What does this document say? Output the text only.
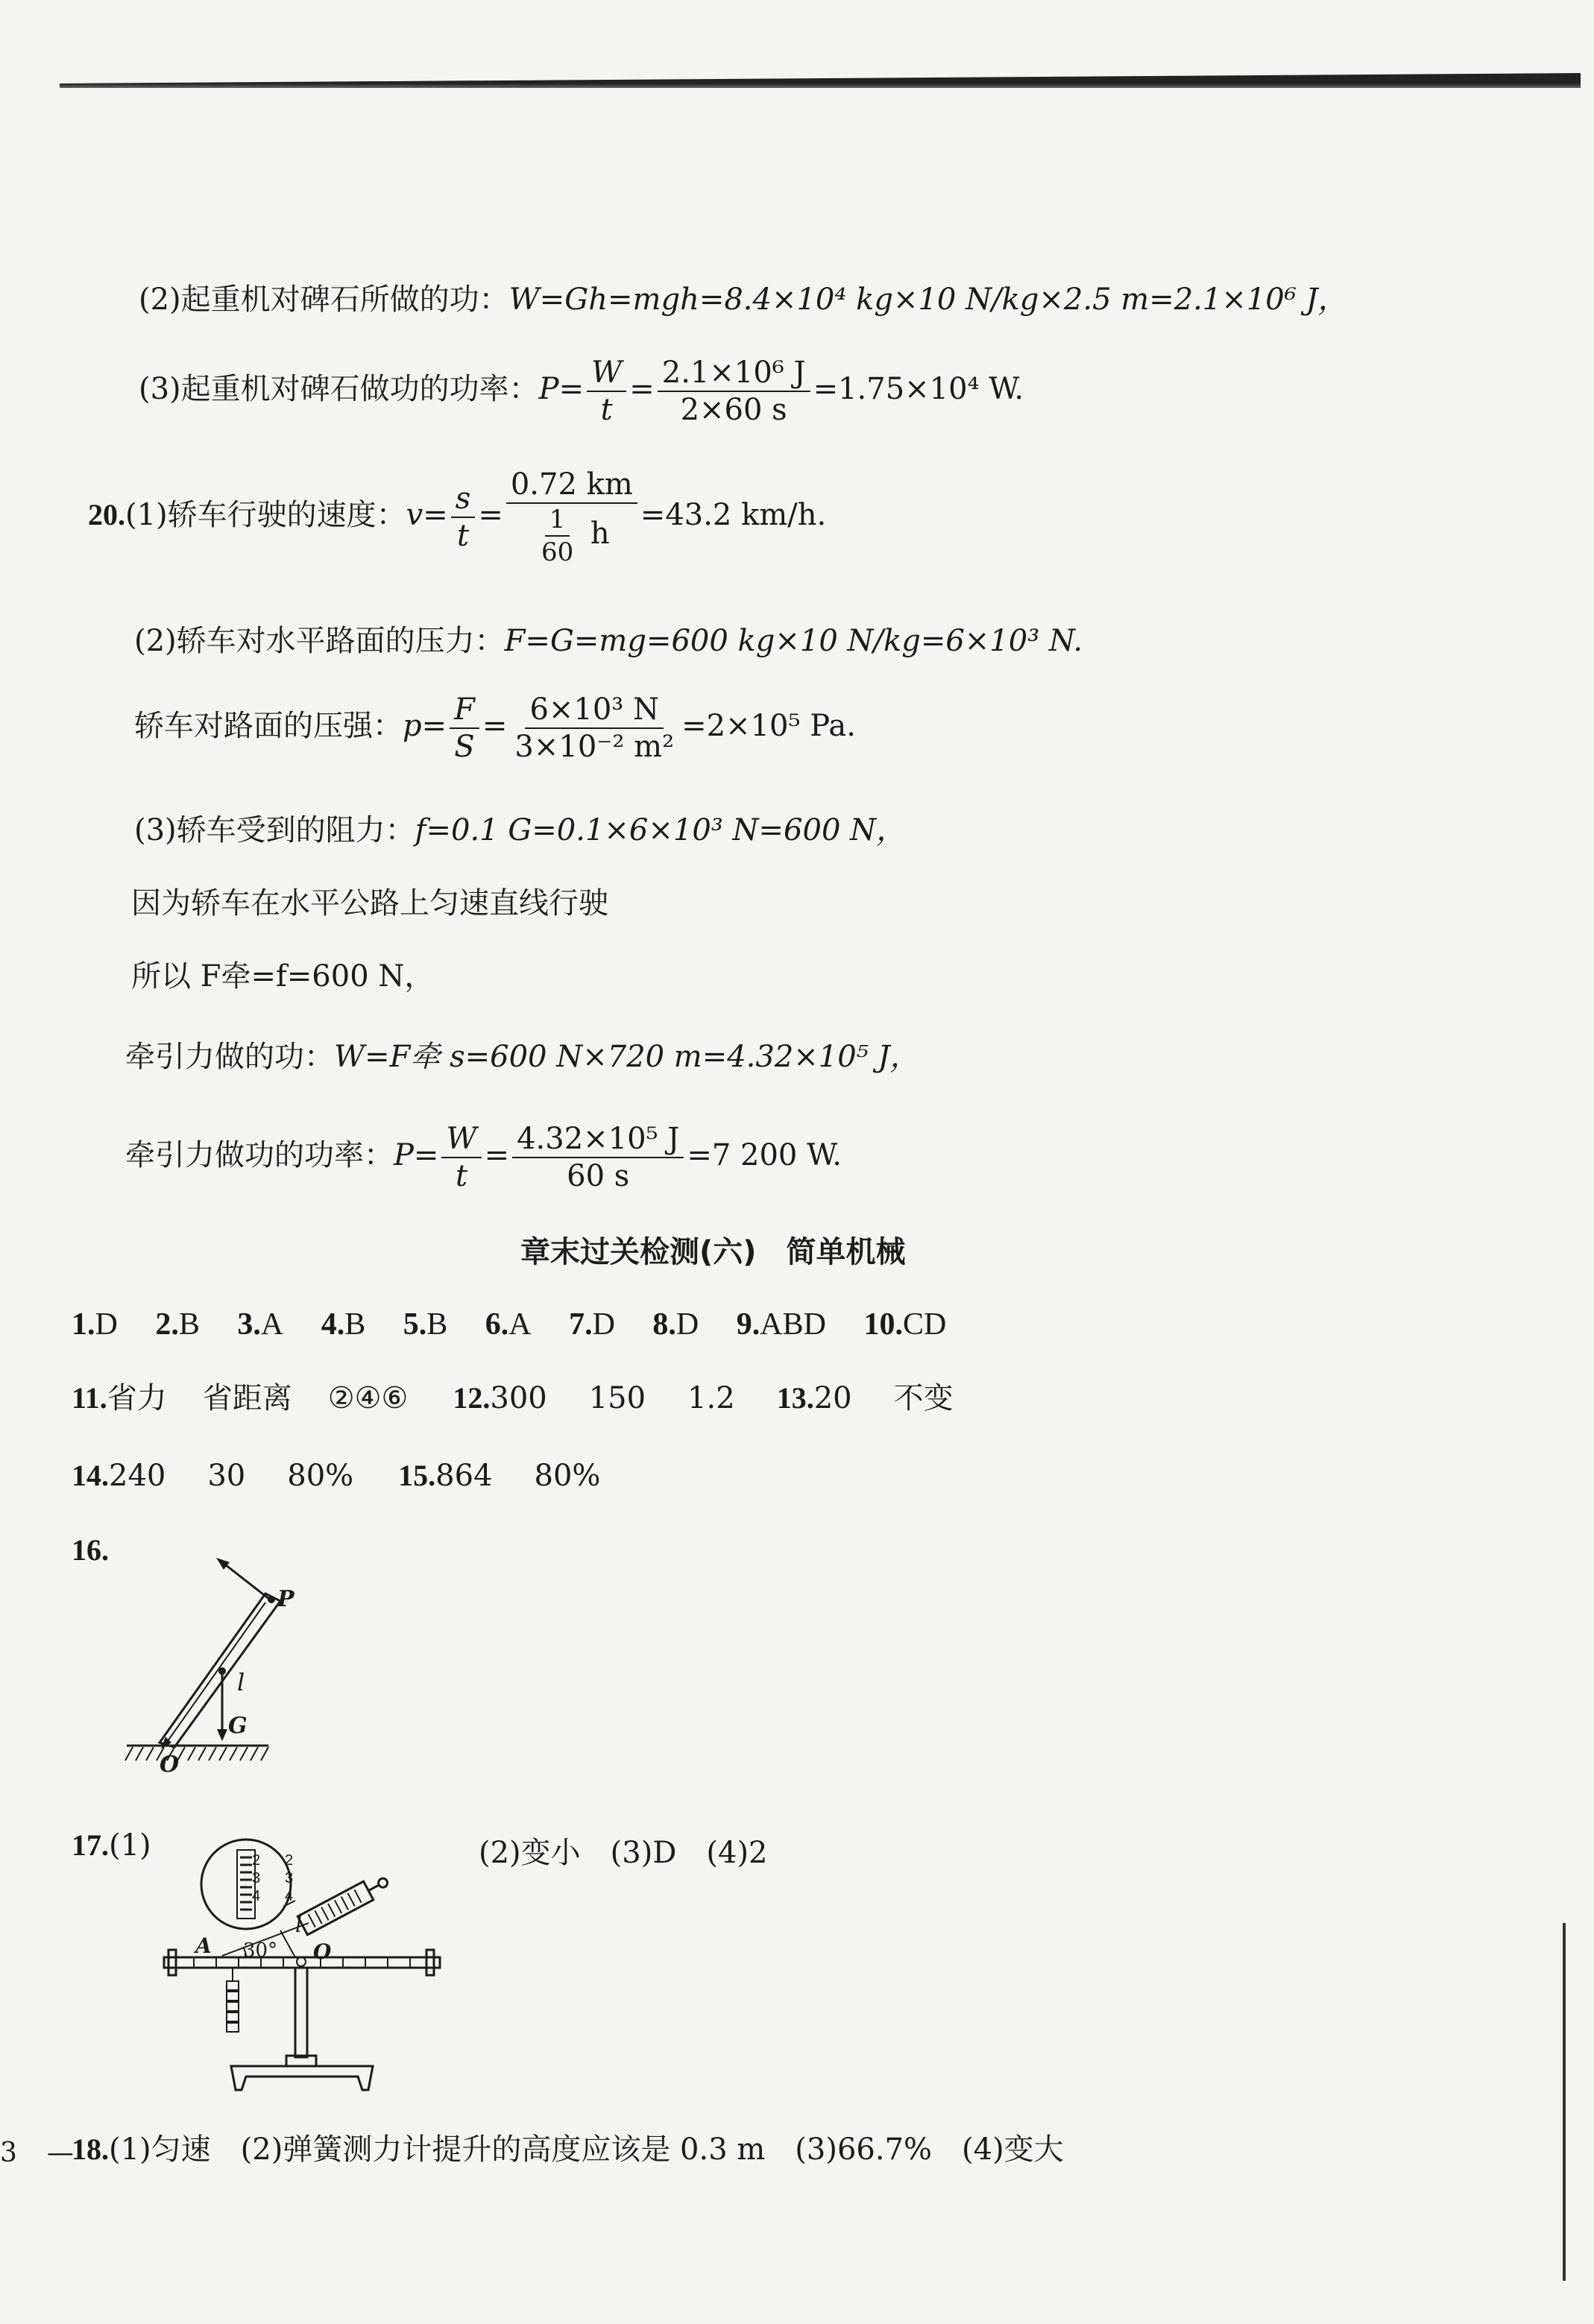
(2)起重机对碑石所做的功：W=Gh=mgh=8.4×10⁴ kg×10 N/kg×2.5 m=2.1×10⁶ J，
(3)起重机对碑石做功的功率：$P= \frac{W}{t} = \frac{\text{2.1×10⁶ J}}{2\times 60 s} =1.75\times 10^4$ W.
20.(1)轿车行驶的速度：$v= \frac{s}{t} = \frac{0.72 km}{\frac{1}{60} h} =43.2$ km/h.
(2)轿车对水平路面的压力：F=G=mg=600 kg×10 N/kg=6×10³ N.
轿车对路面的压强：$p= \frac{F}{S} = \frac{\text{6×10³ N}}{\text{3×10⁻² m²}} =2\times 10^5$ Pa.
(3)轿车受到的阻力：f=0.1 G=0.1×6×10³ N=600 N，
因为轿车在水平公路上匀速直线行驶
所以 F牵=f=600 N，
牵引力做的功：W=F牵 s=600 N×720 m=4.32×10⁵ J，
牵引力做功的功率：$P= \frac{W}{t} = \frac{\text{4.32×10⁵ J}}{60 s} =7$ 200 W.
章末过关检测(六)　简单机械
1.D 2.B 3.A 4.B 5.B 6.A 7.D 8.D 9.ABD 10.CD
11.省力 省距离 ②④⑥ 12.300 150 1.2 13.20 不变
14.240 30 80% 15.864 80%
16.
P
l
G
O
17.(1)	(2)变小　(3)D　(4)2
2
3
4
2
3
4
A 30° O
l
18.(1)匀速　(2)弹簧测力计提升的高度应该是 0.3 m　(3)66.7%　(4)变大
3 —
